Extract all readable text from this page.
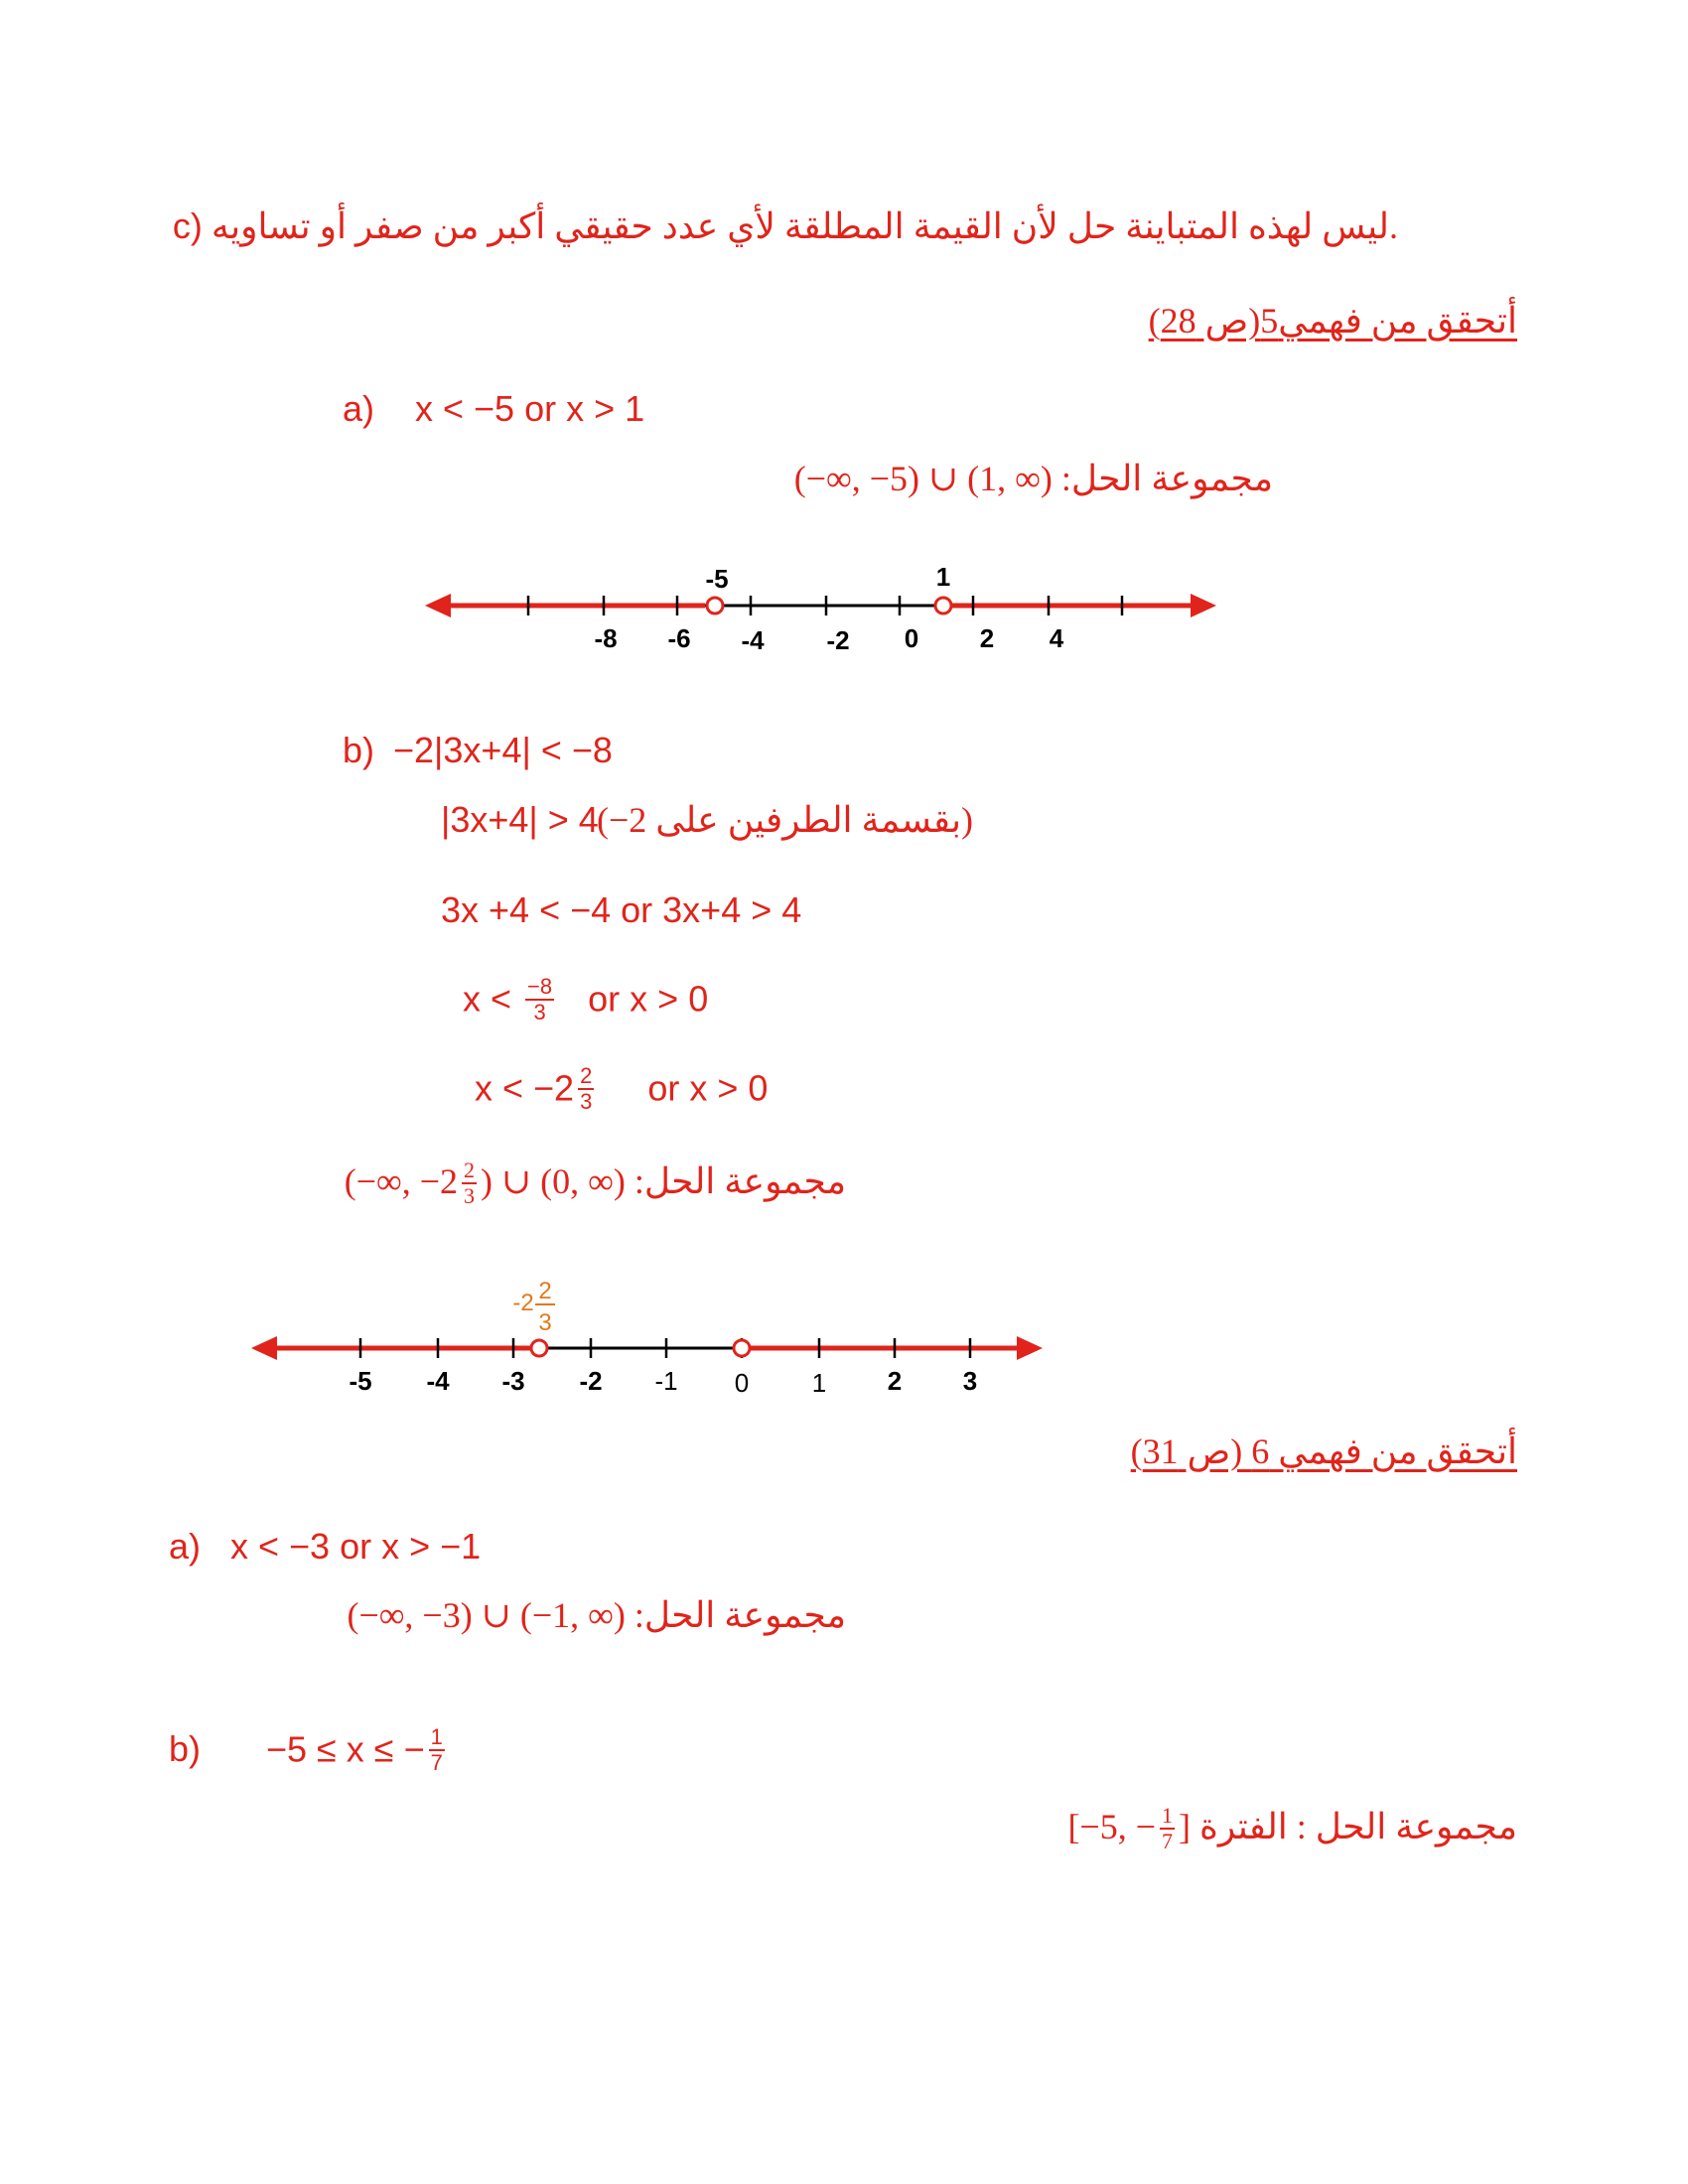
c) ليس لهذه المتباينة حل لأن القيمة المطلقة لأي عدد حقيقي أكبر من صفر أو تساويه.
أتحقق من فهمي5(ص 28)
a) x < −5 or x > 1
مجموعة الحل: (−∞, −5) ∪ (1, ∞)
-8 -6 -4 -2 0 2 4
-5	1
b) −2|3x+4| < −8
|3x+4| > 4
(بقسمة الطرفين على 2−)
3x +4 < −4 or 3x+4 > 4
$x < \frac{-8}{3}$ or x > 0
$x < -2 \frac{2}{3}$ or x > 0
مجموعة الحل: (−∞, $-2 \frac{2}{3}$ ) ∪ (0, ∞)
-5 -4 -3 -2 -1 0 1 2 3
-2 2
3
أتحقق من فهمي 6 (ص 31)
a) x < −3 or x > −1
مجموعة الحل: (−∞, −3) ∪ (−1, ∞)
b) −5 ≤ x ≤ − $\frac{1}{7}$
مجموعة الحل : الفترة [−5, − $\frac{1}{7}$ ]
